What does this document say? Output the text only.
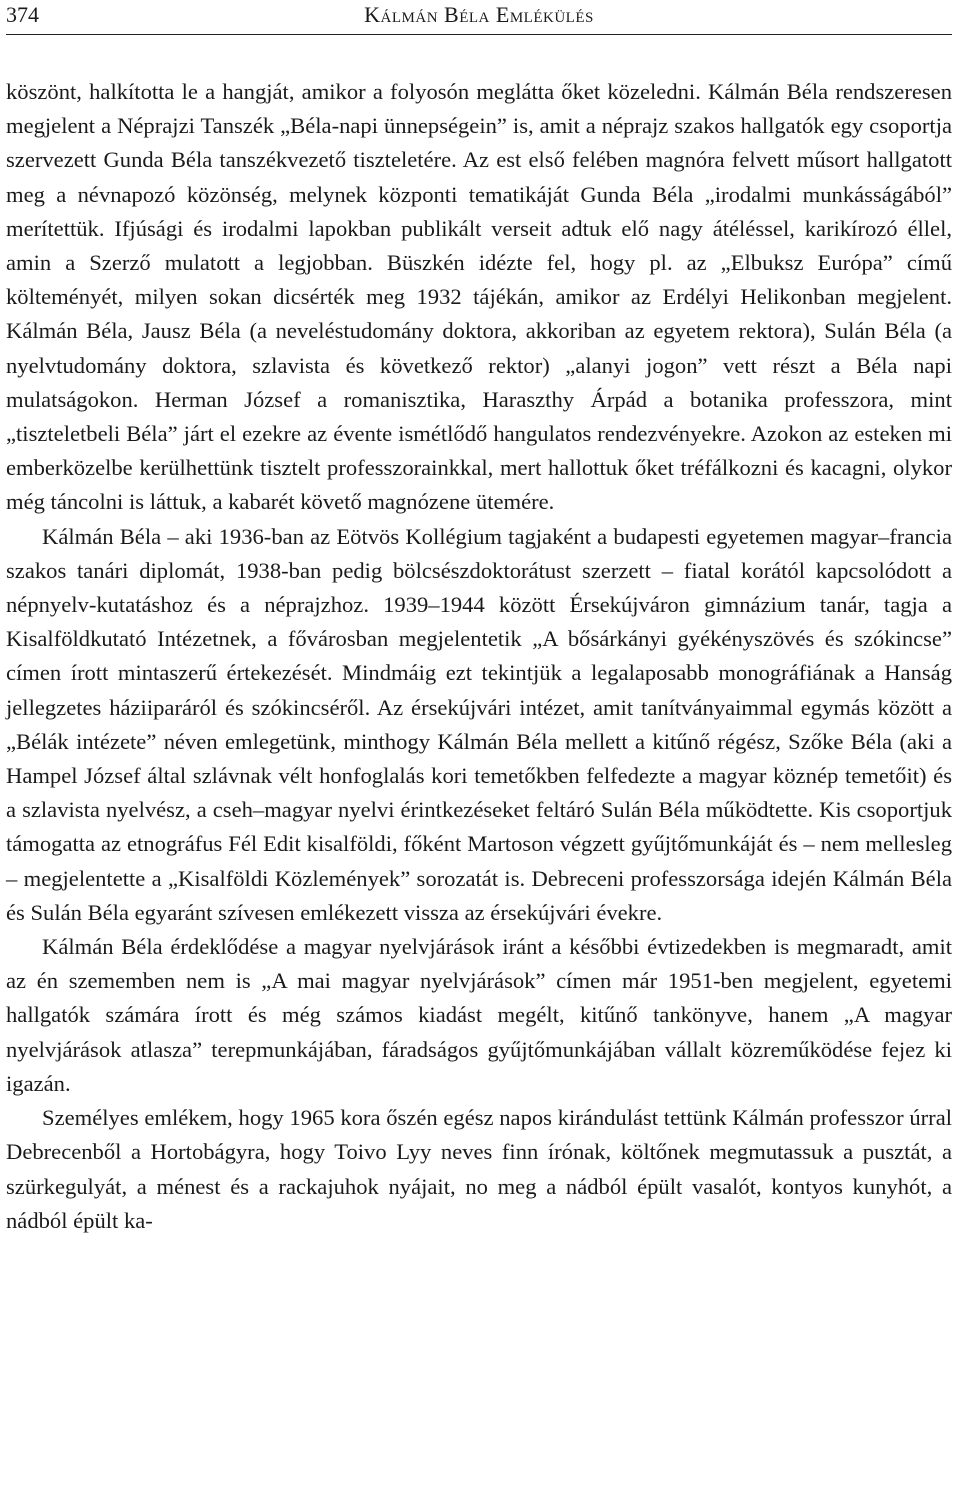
374	Kálmán Béla Emlékülés

köszönt, halkította le a hangját, amikor a folyosón meglátta őket közeledni. Kálmán Béla rendszeresen megjelent a Néprajzi Tanszék „Béla-napi ünnepségein” is, amit a néprajz szakos hallgatók egy csoportja szervezett Gunda Béla tanszékvezető tiszteletére. Az est első felében magnóra felvett műsort hallgatott meg a névnapozó közönség, melynek központi tematikáját Gunda Béla „irodalmi munkásságából” merítettük. Ifjúsági és irodalmi lapokban publikált verseit adtuk elő nagy átéléssel, karikírozó éllel, amin a Szerző mulatott a legjobban. Büszkén idézte fel, hogy pl. az „Elbuksz Európa” című költeményét, milyen sokan dicsérték meg 1932 tájékán, amikor az Erdélyi Helikonban megjelent. Kálmán Béla, Jausz Béla (a neveléstudomány doktora, akkoriban az egyetem rektora), Sulán Béla (a nyelvtudomány doktora, szlavista és következő rektor) „alanyi jogon” vett részt a Béla napi mulatságokon. Herman József a romanisztika, Haraszthy Árpád a botanika professzora, mint „tiszteletbeli Béla” járt el ezekre az évente ismétlődő hangulatos rendezvényekre. Azokon az esteken mi emberközelbe kerülhettünk tisztelt professzorainkkal, mert hallottuk őket tréfálkozni és kacagni, olykor még táncolni is láttuk, a kabarét követő magnózene ütemére.

Kálmán Béla – aki 1936-ban az Eötvös Kollégium tagjaként a budapesti egyetemen magyar–francia szakos tanári diplomát, 1938-ban pedig bölcsészdoktorátust szerzett – fiatal korától kapcsolódott a népnyelv-kutatáshoz és a néprajzhoz. 1939–1944 között Érsekújváron gimnázium tanár, tagja a Kisalföldkutató Intézetnek, a fővárosban megjelentetik „A bősárkányi gyékényszövés és szókincse” címen írott mintaszerű értekezését. Mindmáig ezt tekintjük a legalaposabb monográfiának a Hanság jellegzetes háziiparáról és szókincséről. Az érsekújvári intézet, amit tanítványaimmal egymás között a „Bélák intézete” néven emlegetünk, minthogy Kálmán Béla mellett a kitűnő régész, Szőke Béla (aki a Hampel József által szlávnak vélt honfoglalás kori temetőkben felfedezte a magyar köznép temetőit) és a szlavista nyelvész, a cseh–magyar nyelvi érintkezéseket feltáró Sulán Béla működtette. Kis csoportjuk támogatta az etnográfus Fél Edit kisalföldi, főként Martoson végzett gyűjtőmunkáját és – nem mellesleg – megjelentette a „Kisalföldi Közlemények” sorozatát is. Debreceni professzorsága idején Kálmán Béla és Sulán Béla egyaránt szívesen emlékezett vissza az érsekújvári évekre.

Kálmán Béla érdeklődése a magyar nyelvjárások iránt a későbbi évtizedekben is megmaradt, amit az én szememben nem is „A mai magyar nyelvjárások” címen már 1951-ben megjelent, egyetemi hallgatók számára írott és még számos kiadást megélt, kitűnő tankönyve, hanem „A magyar nyelvjárások atlasza” terepmunkájában, fáradságos gyűjtőmunkájában vállalt közreműködése fejez ki igazán.

Személyes emlékem, hogy 1965 kora őszén egész napos kirándulást tettünk Kálmán professzor úrral Debrecenből a Hortobágyra, hogy Toivo Lyy neves finn írónak, költőnek megmutassuk a pusztát, a szürkegulyát, a ménest és a rackajuhok nyájait, no meg a nádból épült vasalót, kontyos kunyhót, a nádból épült ka-
